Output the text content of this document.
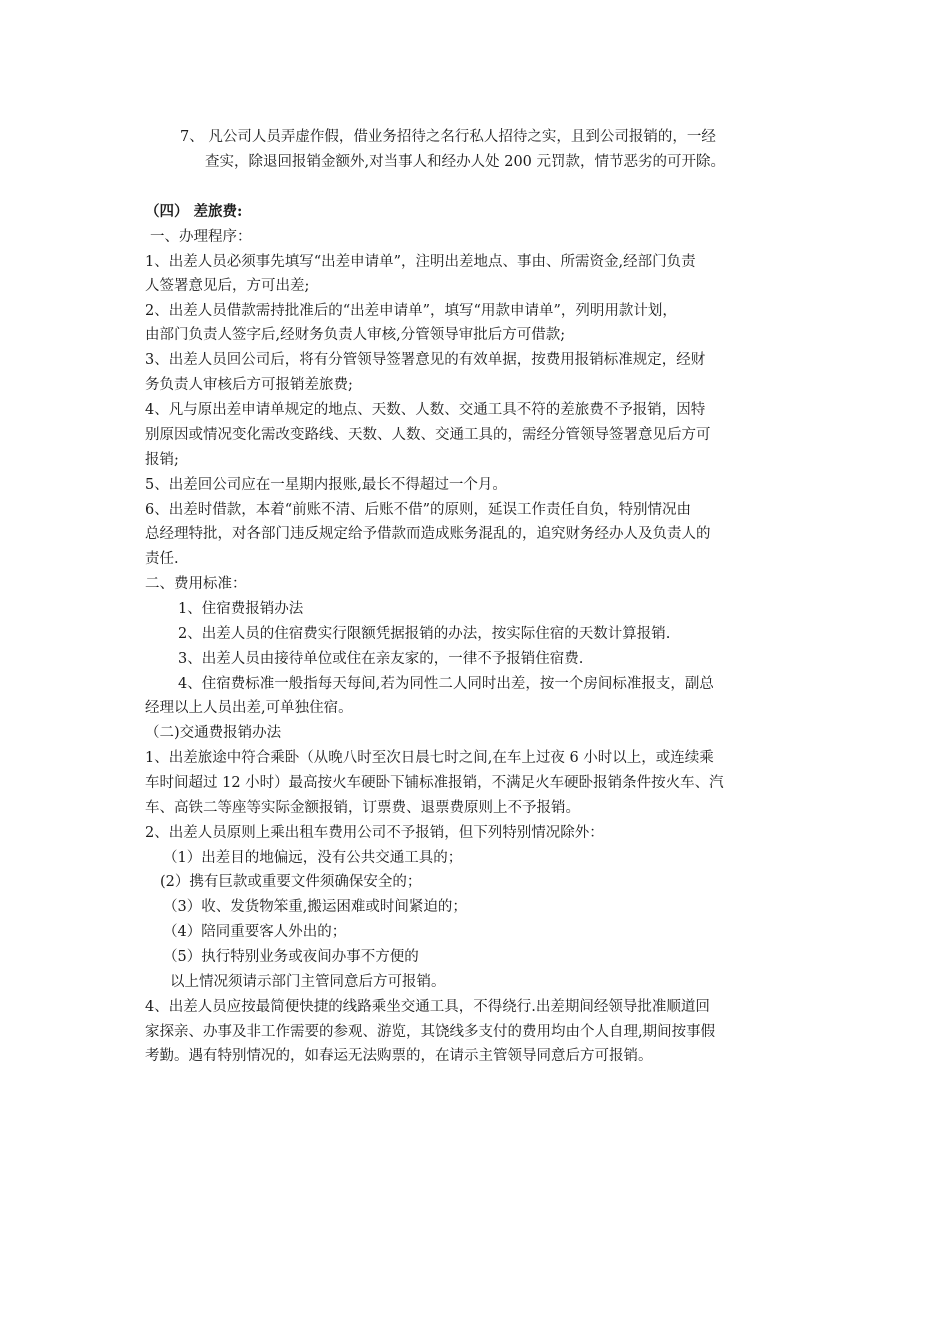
7、 凡公司人员弄虚作假，借业务招待之名行私人招待之实，且到公司报销的，一经
查实，除退回报销金额外,对当事人和经办人处 200 元罚款，情节恶劣的可开除。
（四） 差旅费:
一、办理程序：
1、出差人员必须事先填写“出差申请单”，注明出差地点、事由、所需资金,经部门负责
人签署意见后，方可出差;
2、出差人员借款需持批准后的“出差申请单”，填写“用款申请单”，列明用款计划，
由部门负责人签字后,经财务负责人审核,分管领导审批后方可借款;
3、出差人员回公司后，将有分管领导签署意见的有效单据，按费用报销标准规定，经财
务负责人审核后方可报销差旅费;
4、凡与原出差申请单规定的地点、天数、人数、交通工具不符的差旅费不予报销，因特
别原因或情况变化需改变路线、天数、人数、交通工具的，需经分管领导签署意见后方可
报销;
5、出差回公司应在一星期内报账,最长不得超过一个月。
6、出差时借款，本着“前账不清、后账不借”的原则，延误工作责任自负，特别情况由
总经理特批，对各部门违反规定给予借款而造成账务混乱的，追究财务经办人及负责人的
责任.
二、费用标准：
1、住宿费报销办法
2、出差人员的住宿费实行限额凭据报销的办法，按实际住宿的天数计算报销.
3、出差人员由接待单位或住在亲友家的，一律不予报销住宿费.
4、住宿费标准一般指每天每间,若为同性二人同时出差，按一个房间标准报支，副总
经理以上人员出差,可单独住宿。
（二)交通费报销办法
1、出差旅途中符合乘卧（从晚八时至次日晨七时之间,在车上过夜 6 小时以上，或连续乘
车时间超过 12 小时）最高按火车硬卧下铺标准报销，不满足火车硬卧报销条件按火车、汽
车、高铁二等座等实际金额报销，订票费、退票费原则上不予报销。
2、出差人员原则上乘出租车费用公司不予报销，但下列特别情况除外：
（1）出差目的地偏远，没有公共交通工具的；
(2）携有巨款或重要文件须确保安全的；
（3）收、发货物笨重,搬运困难或时间紧迫的；
（4）陪同重要客人外出的；
（5）执行特别业务或夜间办事不方便的
以上情况须请示部门主管同意后方可报销。
4、出差人员应按最简便快捷的线路乘坐交通工具，不得绕行.出差期间经领导批准顺道回
家探亲、办事及非工作需要的参观、游览，其饶线多支付的费用均由个人自理,期间按事假
考勤。遇有特别情况的，如春运无法购票的，在请示主管领导同意后方可报销。
